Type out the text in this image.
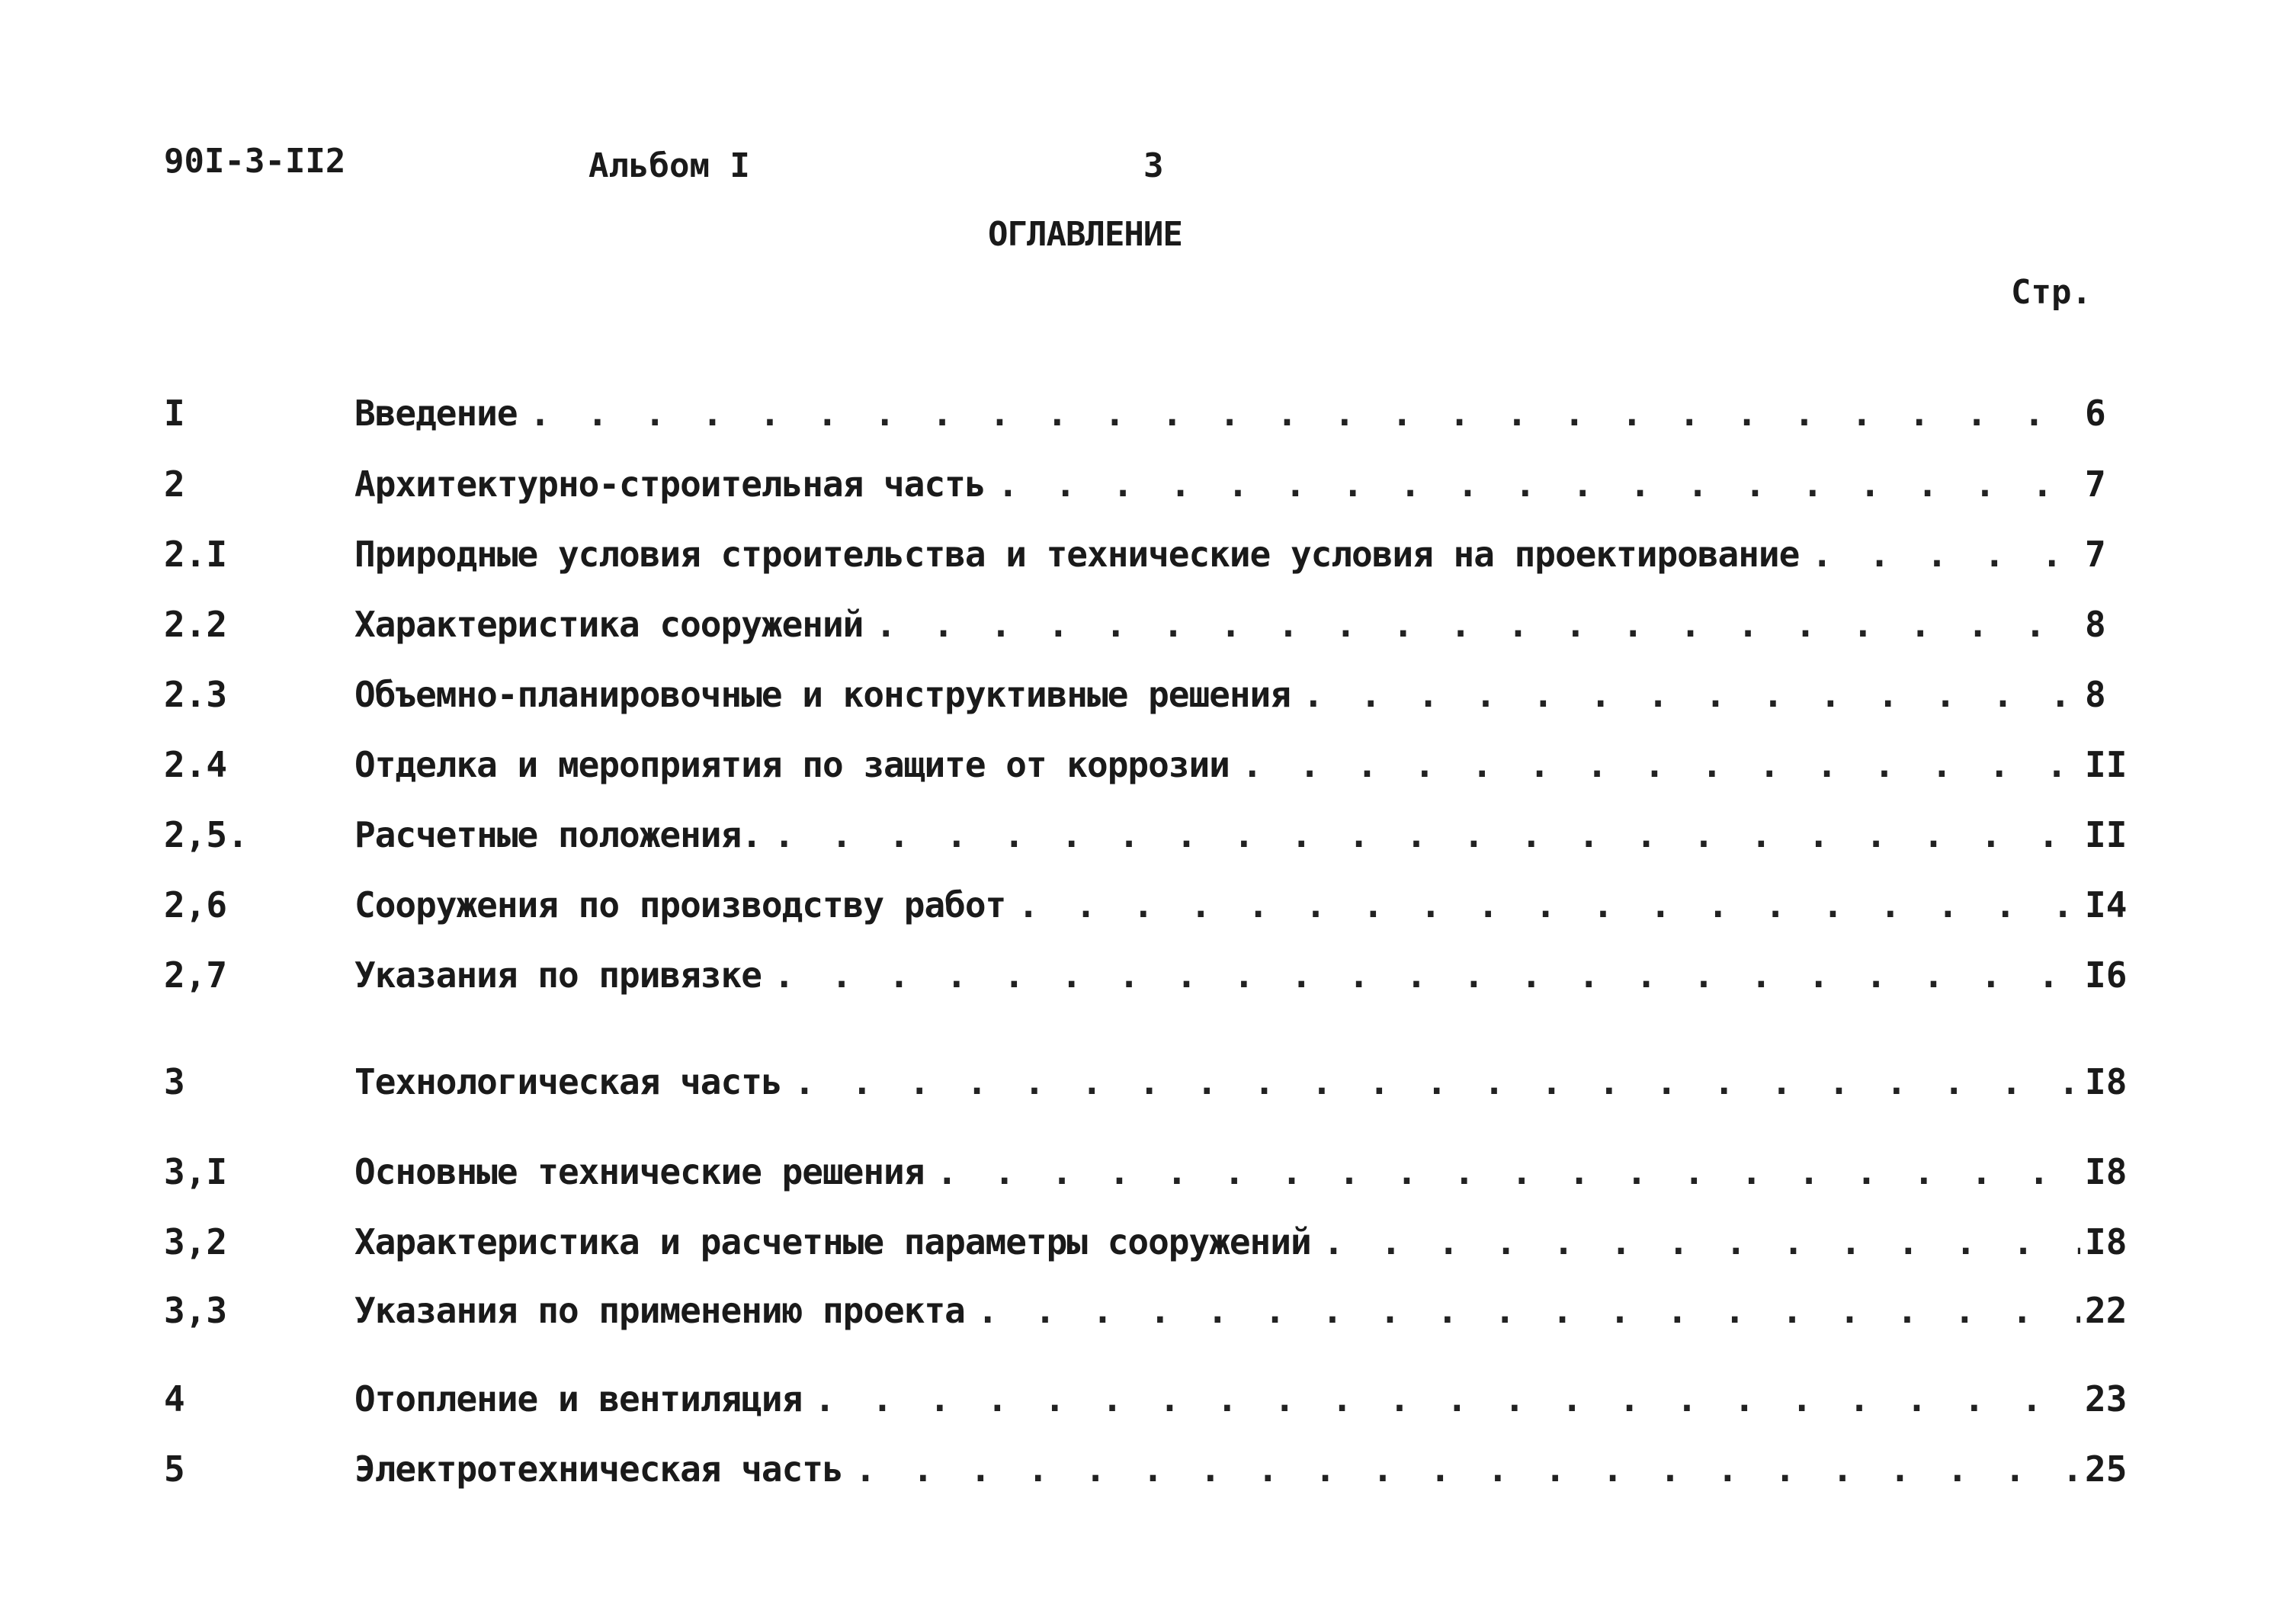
90I-3-II2	Альбом I	3
ОГЛАВЛЕНИЕ
Стр.
I	Введение . . .	6
2	Архитектурно-строительная часть . . .	7
2.I	Природные условия строительства и технические условия на проектирование . . .	7
2.2	Характеристика сооружений . . .	8
2.3	Объемно-планировочные и конструктивные решения . . .	8
2.4	Отделка и мероприятия по защите от коррозии . . .	II
2,5.	Расчетные положения. . . .	II
2,6	Сооружения по производству работ . . .	I4
2,7	Указания по привязке . . .	I6
3	Технологическая часть . . .	I8
3,I	Основные технические решения . . .	I8
3,2	Характеристика и расчетные параметры сооружений . . .	I8
3,3	Указания по применению проекта . . .	22
4	Отопление и вентиляция . . .	23
5	Электротехническая часть . . .	25
